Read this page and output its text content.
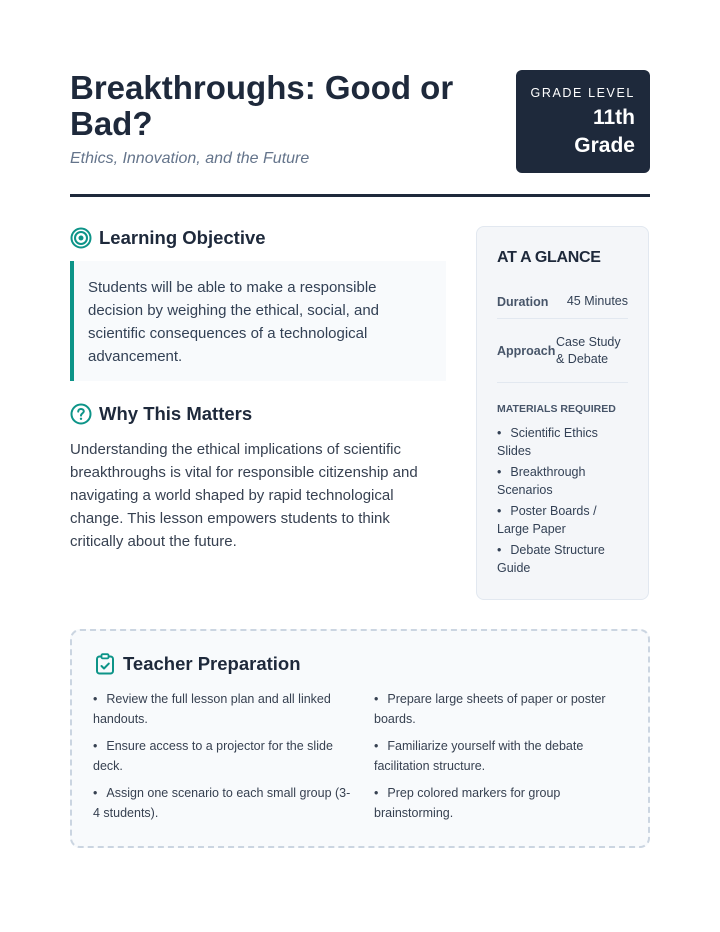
Breakthroughs: Good or Bad?
Ethics, Innovation, and the Future
GRADE LEVEL
11th
Grade
Learning Objective

Students will be able to make a responsible decision by weighing the ethical, social, and scientific consequences of a technological advancement.

Why This Matters

Understanding the ethical implications of scientific breakthroughs is vital for responsible citizenship and navigating a world shaped by rapid technological change. This lesson empowers students to think critically about the future.

AT A GLANCE
Duration 45 Minutes
Approach
Case Study & Debate
MATERIALS REQUIRED
• Scientific Ethics Slides
• Breakthrough Scenarios
• Poster Boards / Large Paper
• Debate Structure Guide
Teacher Preparation
• Review the full lesson plan and all linked handouts.
• Ensure access to a projector for the slide deck.
• Assign one scenario to each small group (3-4 students).
• Prepare large sheets of paper or poster boards.
• Familiarize yourself with the debate facilitation structure.
• Prep colored markers for group brainstorming.
